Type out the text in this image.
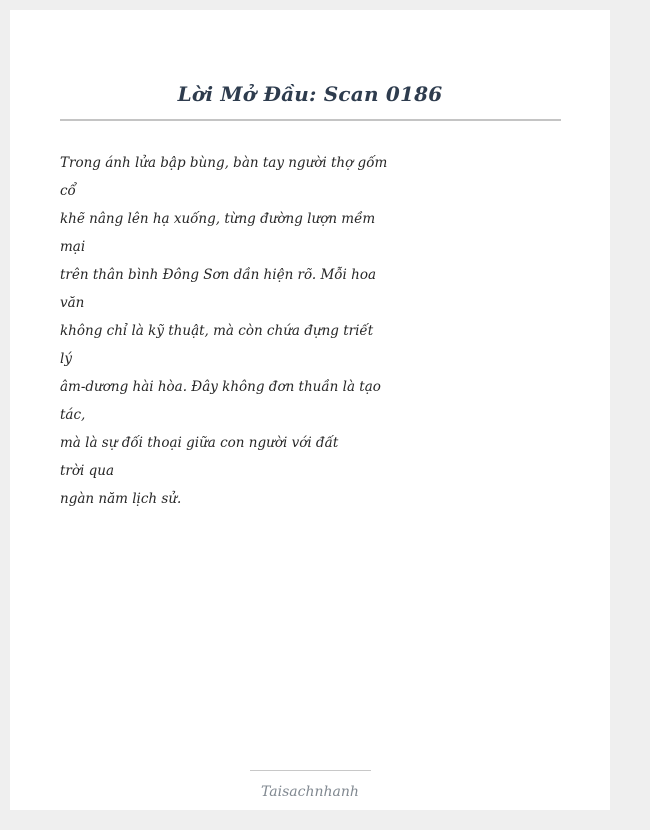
Lời Mở Đầu: Scan 0186
Trong ánh lửa bập bùng, bàn tay người thợ gốm
cổ
khẽ nâng lên hạ xuống, từng đường lượn mềm
mại
trên thân bình Đông Sơn dần hiện rõ. Mỗi hoa
văn
không chỉ là kỹ thuật, mà còn chứa đựng triết
lý
âm-dương hài hòa. Đây không đơn thuần là tạo
tác,
mà là sự đối thoại giữa con người với đất
trời qua
ngàn năm lịch sử.
Taisachnhanh
